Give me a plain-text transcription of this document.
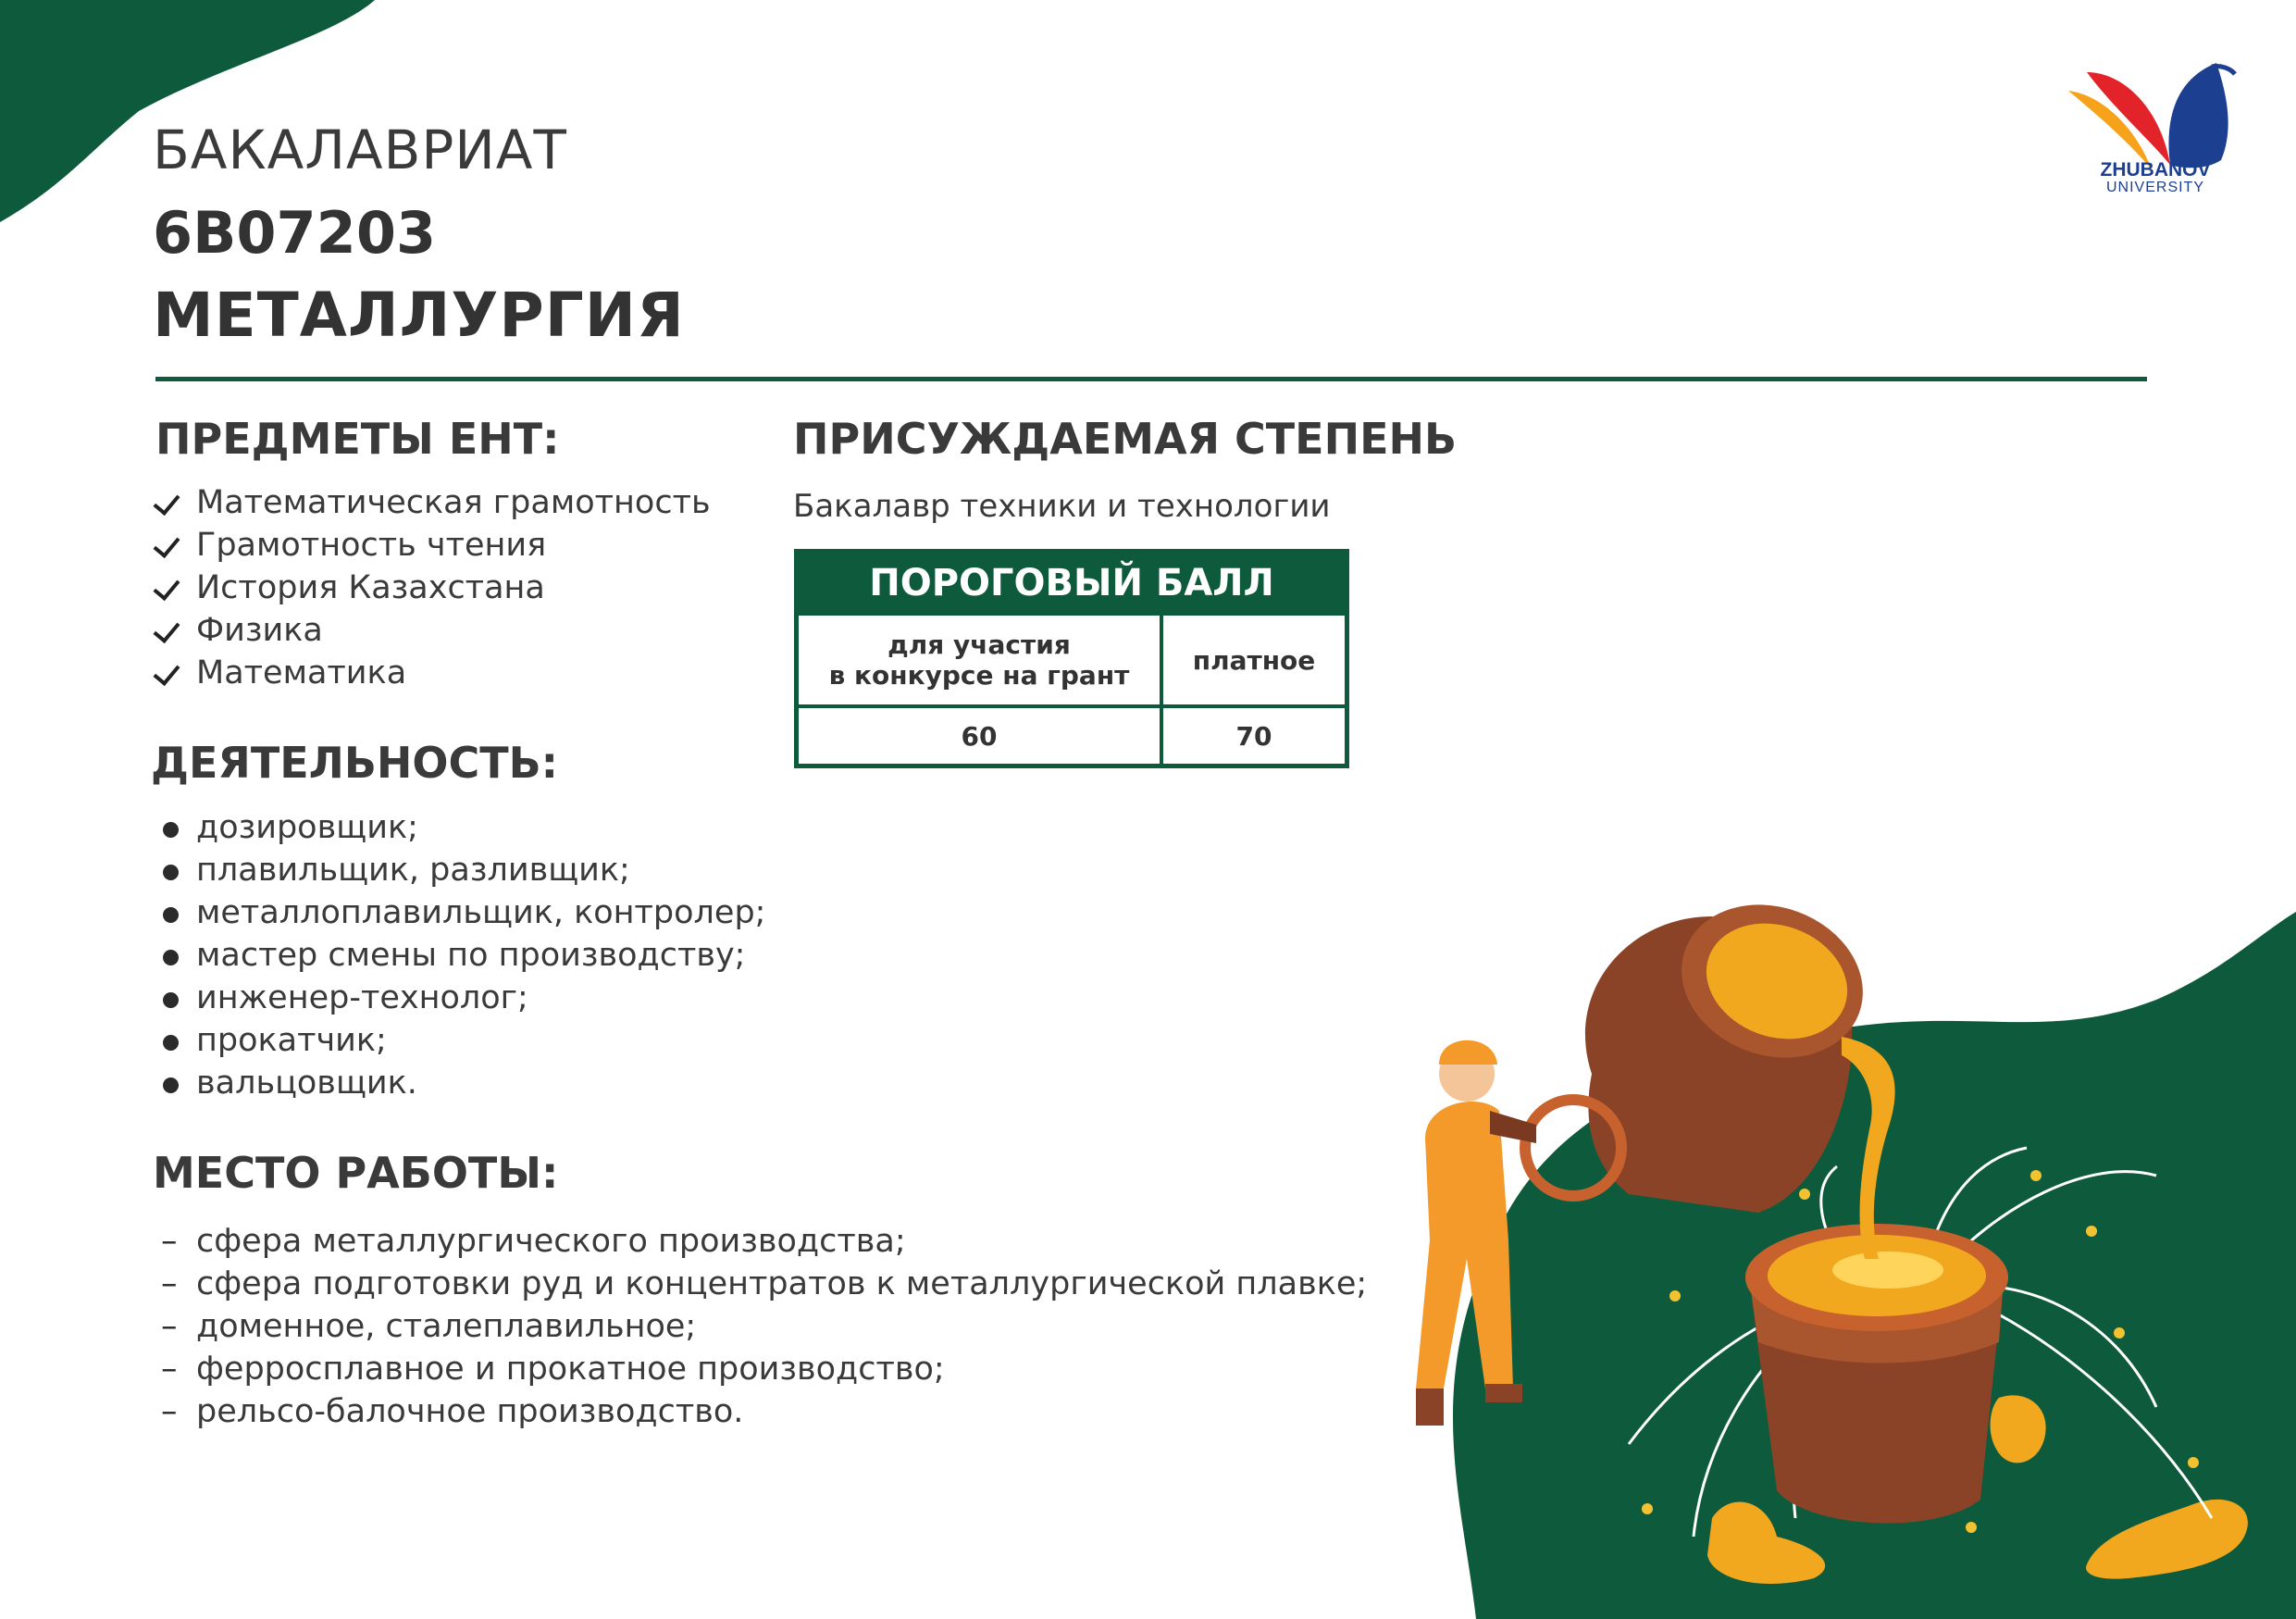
БАКАЛАВРИАТ
6В07203
МЕТАЛЛУРГИЯ
ZHUBANOV
UNIVERSITY
ПРЕДМЕТЫ ЕНТ:
Математическая грамотность
Грамотность чтения
История Казахстана
Физика
Математика
ПРИСУЖДАЕМАЯ СТЕПЕНЬ
Бакалавр техники и технологии
ПОРОГОВЫЙ БАЛЛ	

для участия
в конкурсе на грант	платное
60	70
ДЕЯТЕЛЬНОСТЬ:
дозировщик;
плавильщик, разливщик;
металлоплавильщик, контролер;
мастер смены по производству;
инженер-технолог;
прокатчик;
вальцовщик.
МЕСТО РАБОТЫ:
– сфера металлургического производства;
– сфера подготовки руд и концентратов к металлургической плавке;
– доменное, сталеплавильное;
– ферросплавное и прокатное производство;
– рельсо-балочное производство.
